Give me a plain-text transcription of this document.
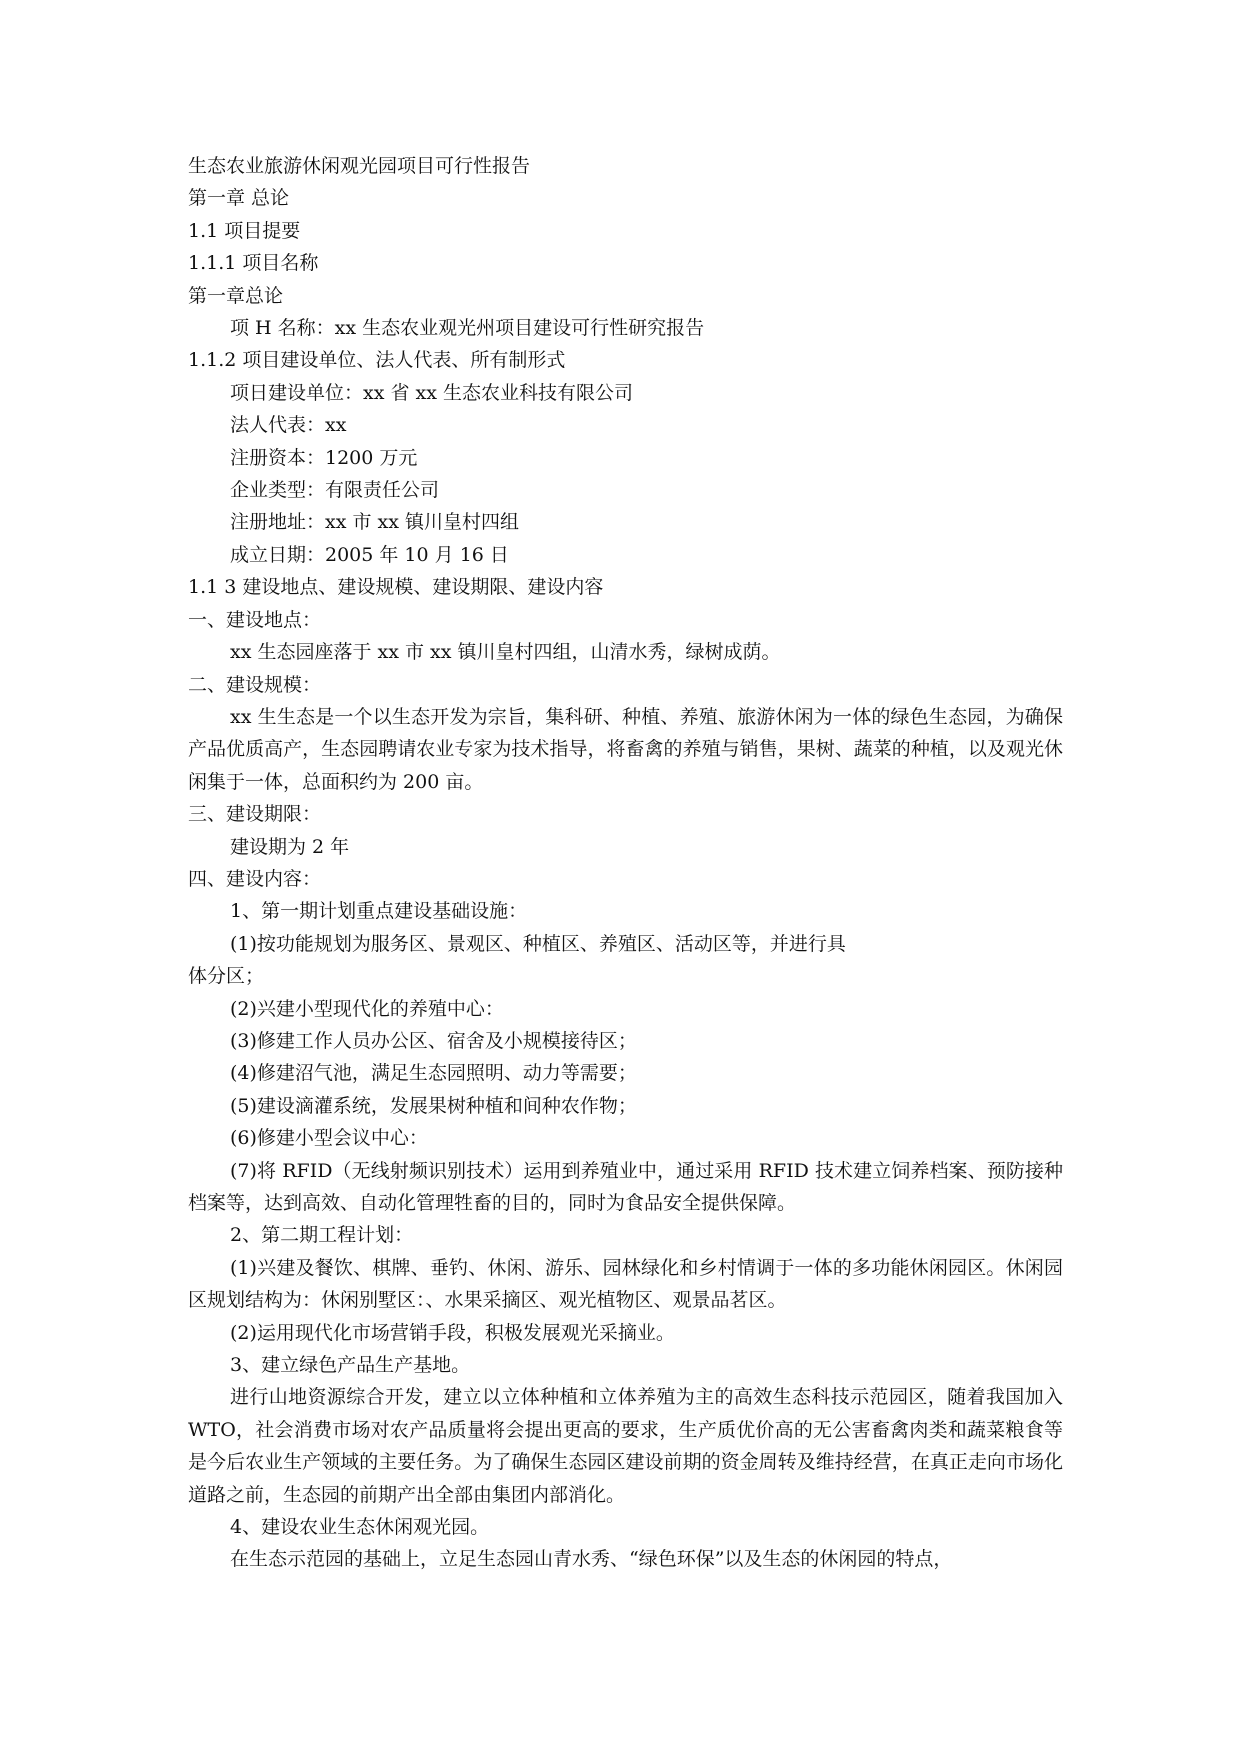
生态农业旅游休闲观光园项目可行性报告
第一章 总论
1.1 项目提要
1.1.1 项目名称
第一章总论
项 H 名称：xx 生态农业观光州项目建设可行性研究报告
1.1.2 项目建设单位、法人代表、所有制形式
项日建设单位：xx 省 xx 生态农业科技有限公司
法人代表：xx
注册资本：1200 万元
企业类型：有限责任公司
注册地址：xx 市 xx 镇川皇村四组
成立日期：2005 年 10 月 16 日
1.1 3 建设地点、建设规模、建设期限、建设内容
一、建设地点：
xx 生态园座落于 xx 市 xx 镇川皇村四组，山清水秀，绿树成荫。
二、建设规模：
xx 生生态是一个以生态开发为宗旨，集科研、种植、养殖、旅游休闲为一体的绿色生态园，为确保产品优质高产，生态园聘请农业专家为技术指导，将畜禽的养殖与销售，果树、蔬菜的种植，以及观光休闲集于一体，总面积约为 200 亩。
三、建设期限：
建设期为 2 年
四、建设内容：
1、第一期计划重点建设基础设施：
(1)按功能规划为服务区、景观区、种植区、养殖区、活动区等，并进行具
体分区；
(2)兴建小型现代化的养殖中心：
(3)修建工作人员办公区、宿舍及小规模接待区；
(4)修建沼气池，满足生态园照明、动力等需要；
(5)建设滴灌系统，发展果树种植和间种农作物；
(6)修建小型会议中心：
(7)将 RFID（无线射频识别技术）运用到养殖业中，通过采用 RFID 技术建立饲养档案、预防接种档案等，达到高效、自动化管理牲畜的目的，同时为食品安全提供保障。
2、第二期工程计划：
(1)兴建及餐饮、棋牌、垂钓、休闲、游乐、园林绿化和乡村情调于一体的多功能休闲园区。休闲园区规划结构为：休闲别墅区：、水果采摘区、观光植物区、观景品茗区。
(2)运用现代化市场营销手段，积极发展观光采摘业。
3、建立绿色产品生产基地。
进行山地资源综合开发，建立以立体种植和立体养殖为主的高效生态科技示范园区，随着我国加入 WTO，社会消费市场对农产品质量将会提出更高的要求，生产质优价高的无公害畜禽肉类和蔬菜粮食等是今后农业生产领域的主要任务。为了确保生态园区建设前期的资金周转及维持经营，在真正走向市场化道路之前，生态园的前期产出全部由集团内部消化。
4、建设农业生态休闲观光园。
在生态示范园的基础上，立足生态园山青水秀、“绿色环保”以及生态的休闲园的特点，
